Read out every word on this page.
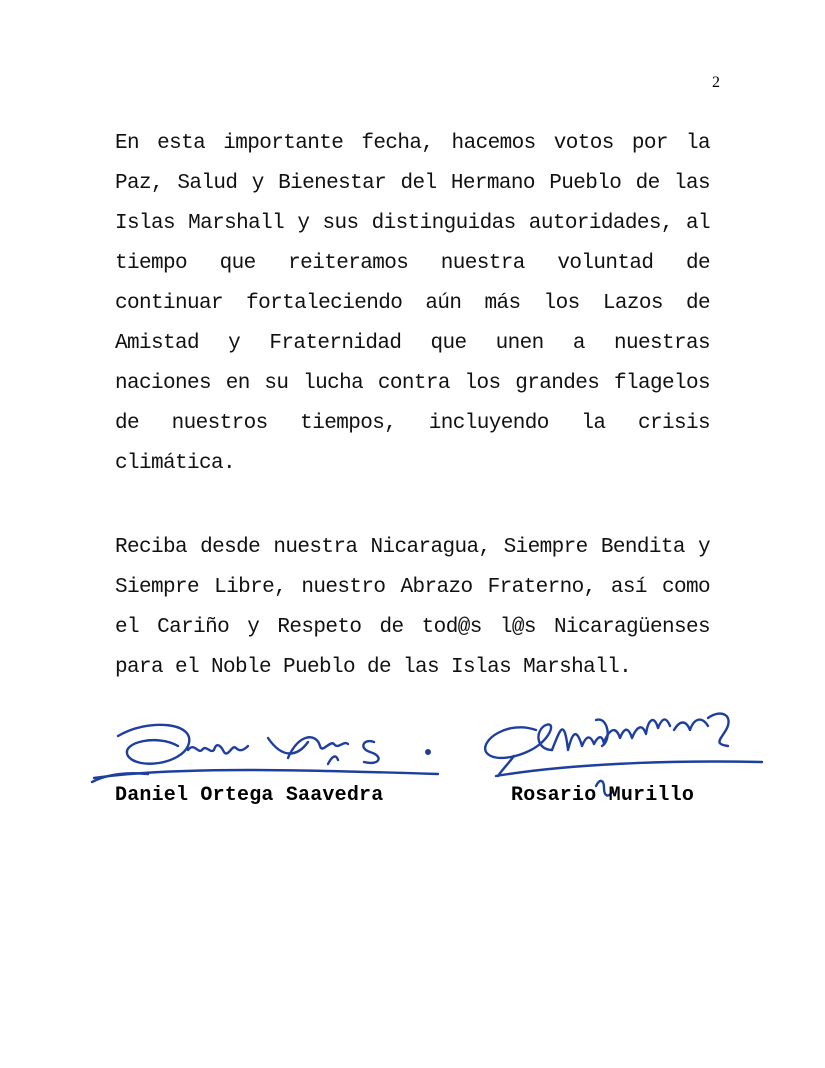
2

En esta importante fecha, hacemos votos por la Paz, Salud y Bienestar del Hermano Pueblo de las Islas Marshall y sus distinguidas autoridades, al tiempo que reiteramos nuestra voluntad de continuar fortaleciendo aún más los Lazos de Amistad y Fraternidad que unen a nuestras naciones en su lucha contra los grandes flagelos de nuestros tiempos, incluyendo la crisis climática.

Reciba desde nuestra Nicaragua, Siempre Bendita y Siempre Libre, nuestro Abrazo Fraterno, así como el Cariño y Respeto de tod@s l@s Nicaragüenses para el Noble Pueblo de las Islas Marshall.

Daniel Ortega Saavedra	Rosario Murillo
